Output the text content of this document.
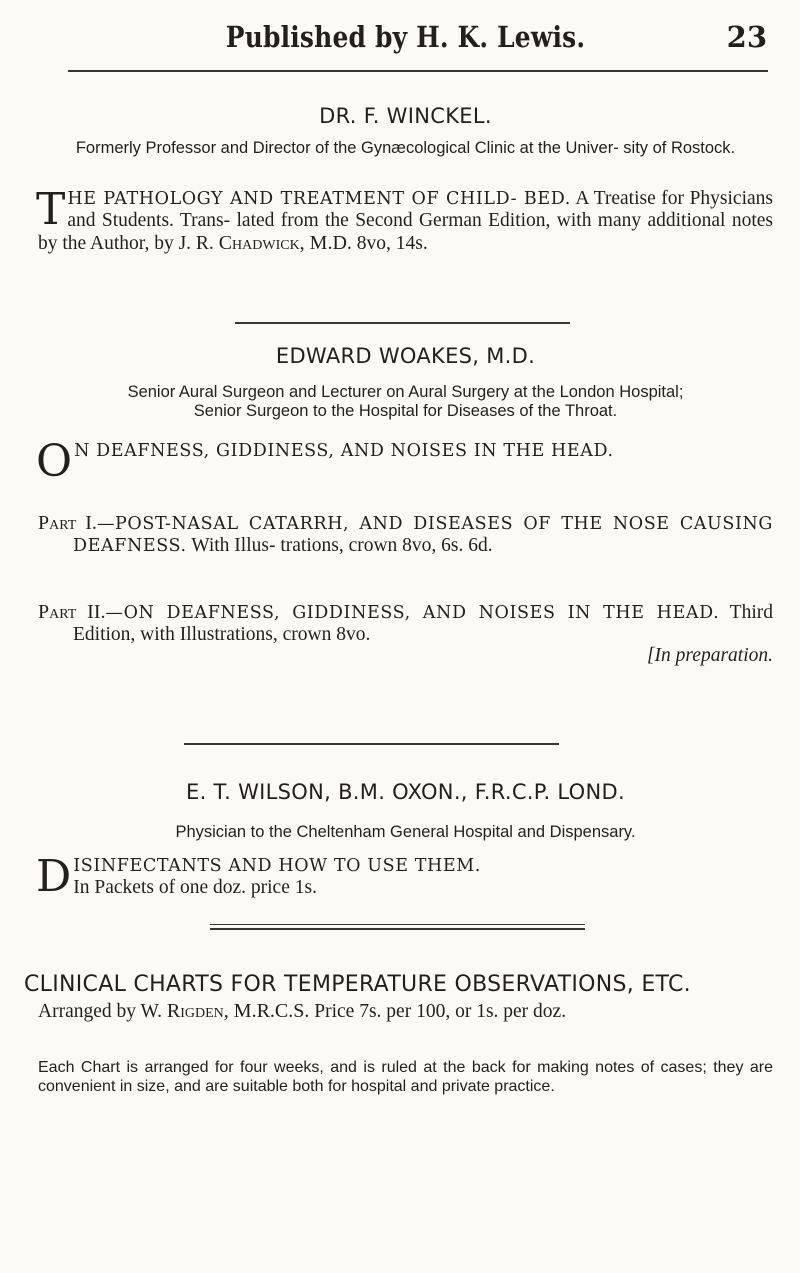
Published by H. K. Lewis.	23
DR. F. WINCKEL.
Formerly Professor and Director of the Gynæcological Clinic at the Univer- sity of Rostock.

T HE PATHOLOGY AND TREATMENT OF CHILD- BED. A Treatise for Physicians and Students. Trans- lated from the Second German Edition, with many additional notes by the Author, by J. R. Chadwick, M.D. 8vo, 14s.

EDWARD WOAKES, M.D.
Senior Aural Surgeon and Lecturer on Aural Surgery at the London Hospital;
Senior Surgeon to the Hospital for Diseases of the Throat.

O N DEAFNESS, GIDDINESS, AND NOISES IN THE HEAD.

Part I.—POST-NASAL CATARRH, AND DISEASES OF THE NOSE CAUSING DEAFNESS. With Illus- trations, crown 8vo, 6s. 6d.

Part II.—ON DEAFNESS, GIDDINESS, AND NOISES IN THE HEAD. Third Edition, with Illustrations, crown 8vo.

[In preparation.
E. T. WILSON, B.M. OXON., F.R.C.P. LOND.
Physician to the Cheltenham General Hospital and Dispensary.

D ISINFECTANTS AND HOW TO USE THEM.
In Packets of one doz. price 1s.

CLINICAL CHARTS FOR TEMPERATURE OBSERVATIONS, ETC.

Arranged by W. Rigden, M.R.C.S. Price 7s. per 100, or 1s. per doz.

Each Chart is arranged for four weeks, and is ruled at the back for making notes of cases; they are convenient in size, and are suitable both for hospital and private practice.
